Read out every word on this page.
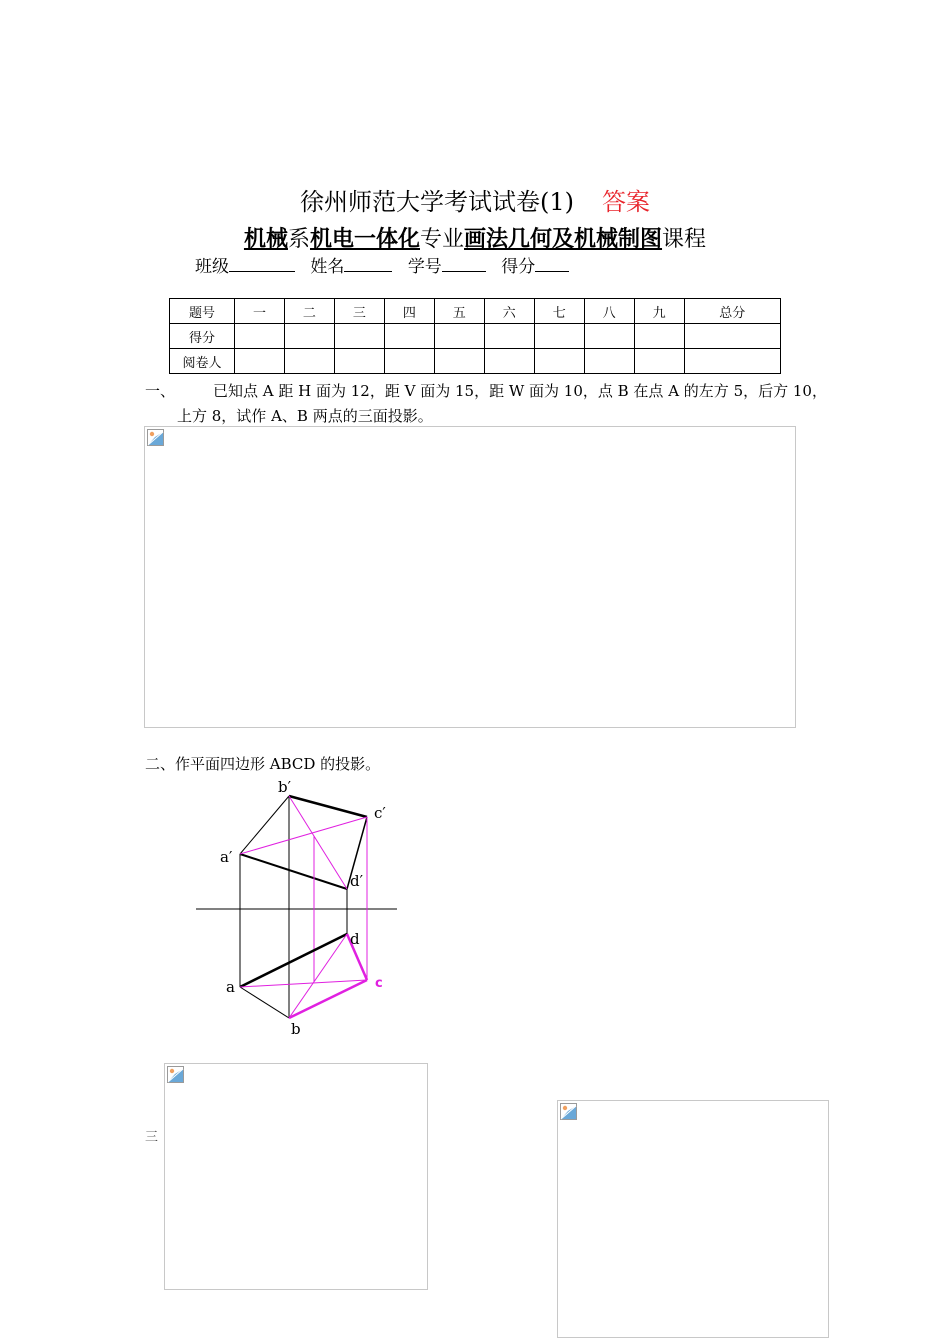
徐州师范大学考试试卷(1) 答案
机械系机电一体化专业画法几何及机械制图课程
班级	姓名	学号	得分
题号	一	二	三	四	五	六	七	八	九	总分
得分										
阅卷人										
一、	已知点 A 距 H 面为 12，距 V 面为 15，距 W 面为 10，点 B 在点 A 的左方 5，后方 10，
上方 8，试作 A、B 两点的三面投影。
二、作平面四边形 ABCD 的投影。
b′
c′
a′
d′
d
a	c
b
三
